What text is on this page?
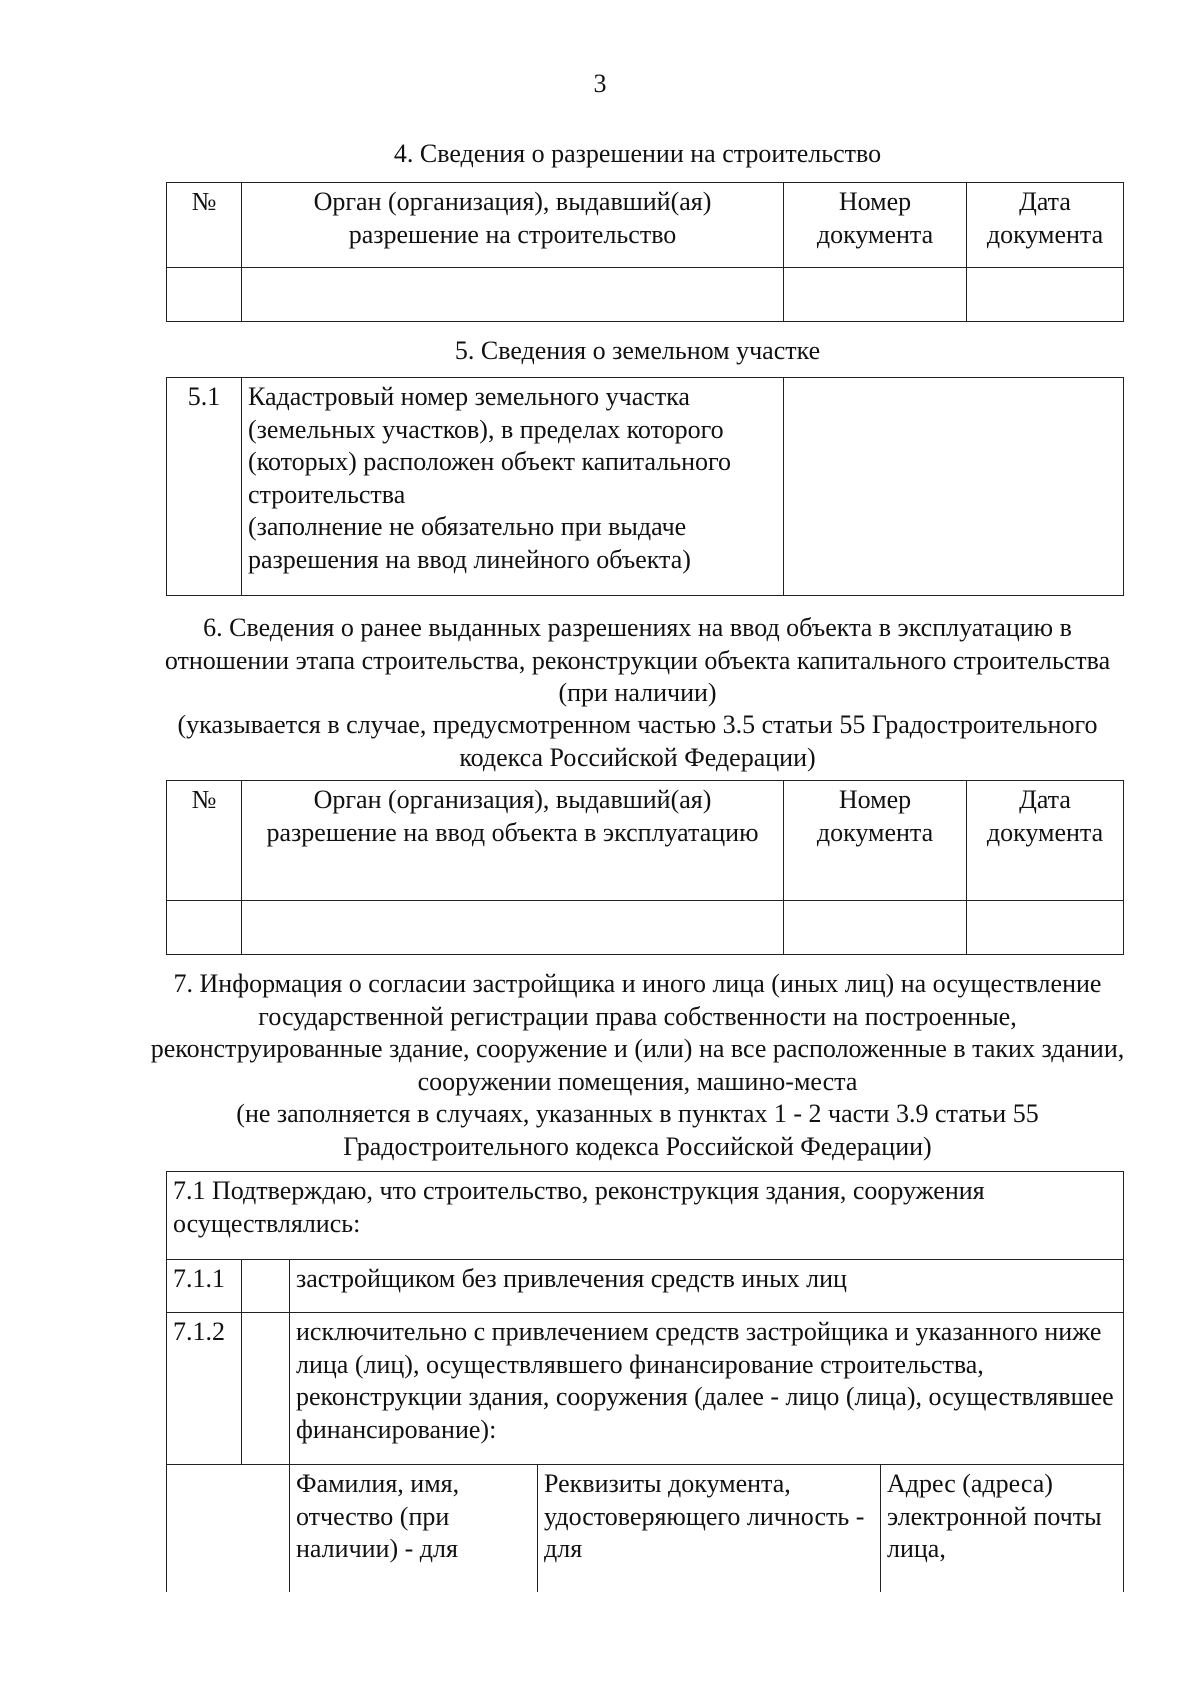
3
4. Сведения о разрешении на строительство
№	Орган (организация), выдавший(ая) разрешение на строительство	Номер документа	Дата документа

5. Сведения о земельном участке
5.1	Кадастровый номер земельного участка (земельных участков), в пределах которого (которых) расположен объект капитального строительства
(заполнение не обязательно при выдаче разрешения на ввод линейного объекта)

6. Сведения о ранее выданных разрешениях на ввод объекта в эксплуатацию в отношении этапа строительства, реконструкции объекта капитального строительства (при наличии)
(указывается в случае, предусмотренном частью 3.5 статьи 55 Градостроительного кодекса Российской Федерации)
№	Орган (организация), выдавший(ая) разрешение на ввод объекта в эксплуатацию	Номер документа	Дата документа

7. Информация о согласии застройщика и иного лица (иных лиц) на осуществление государственной регистрации права собственности на построенные, реконструированные здание, сооружение и (или) на все расположенные в таких здании, сооружении помещения, машино-места
(не заполняется в случаях, указанных в пунктах 1 - 2 части 3.9 статьи 55 Градостроительного кодекса Российской Федерации)
7.1 Подтверждаю, что строительство, реконструкция здания, сооружения осуществлялись:				
7.1.1		застройщиком без привлечения средств иных лиц		
7.1.2		исключительно с привлечением средств застройщика и указанного ниже лица (лиц), осуществлявшего финансирование строительства, реконструкции здания, сооружения (далее - лицо (лица), осуществлявшее финансирование):		
		Фамилия, имя, отчество (при наличии) - для	Реквизиты документа, удостоверяющего личность - для	Адрес (адреса) электронной почты лица,
